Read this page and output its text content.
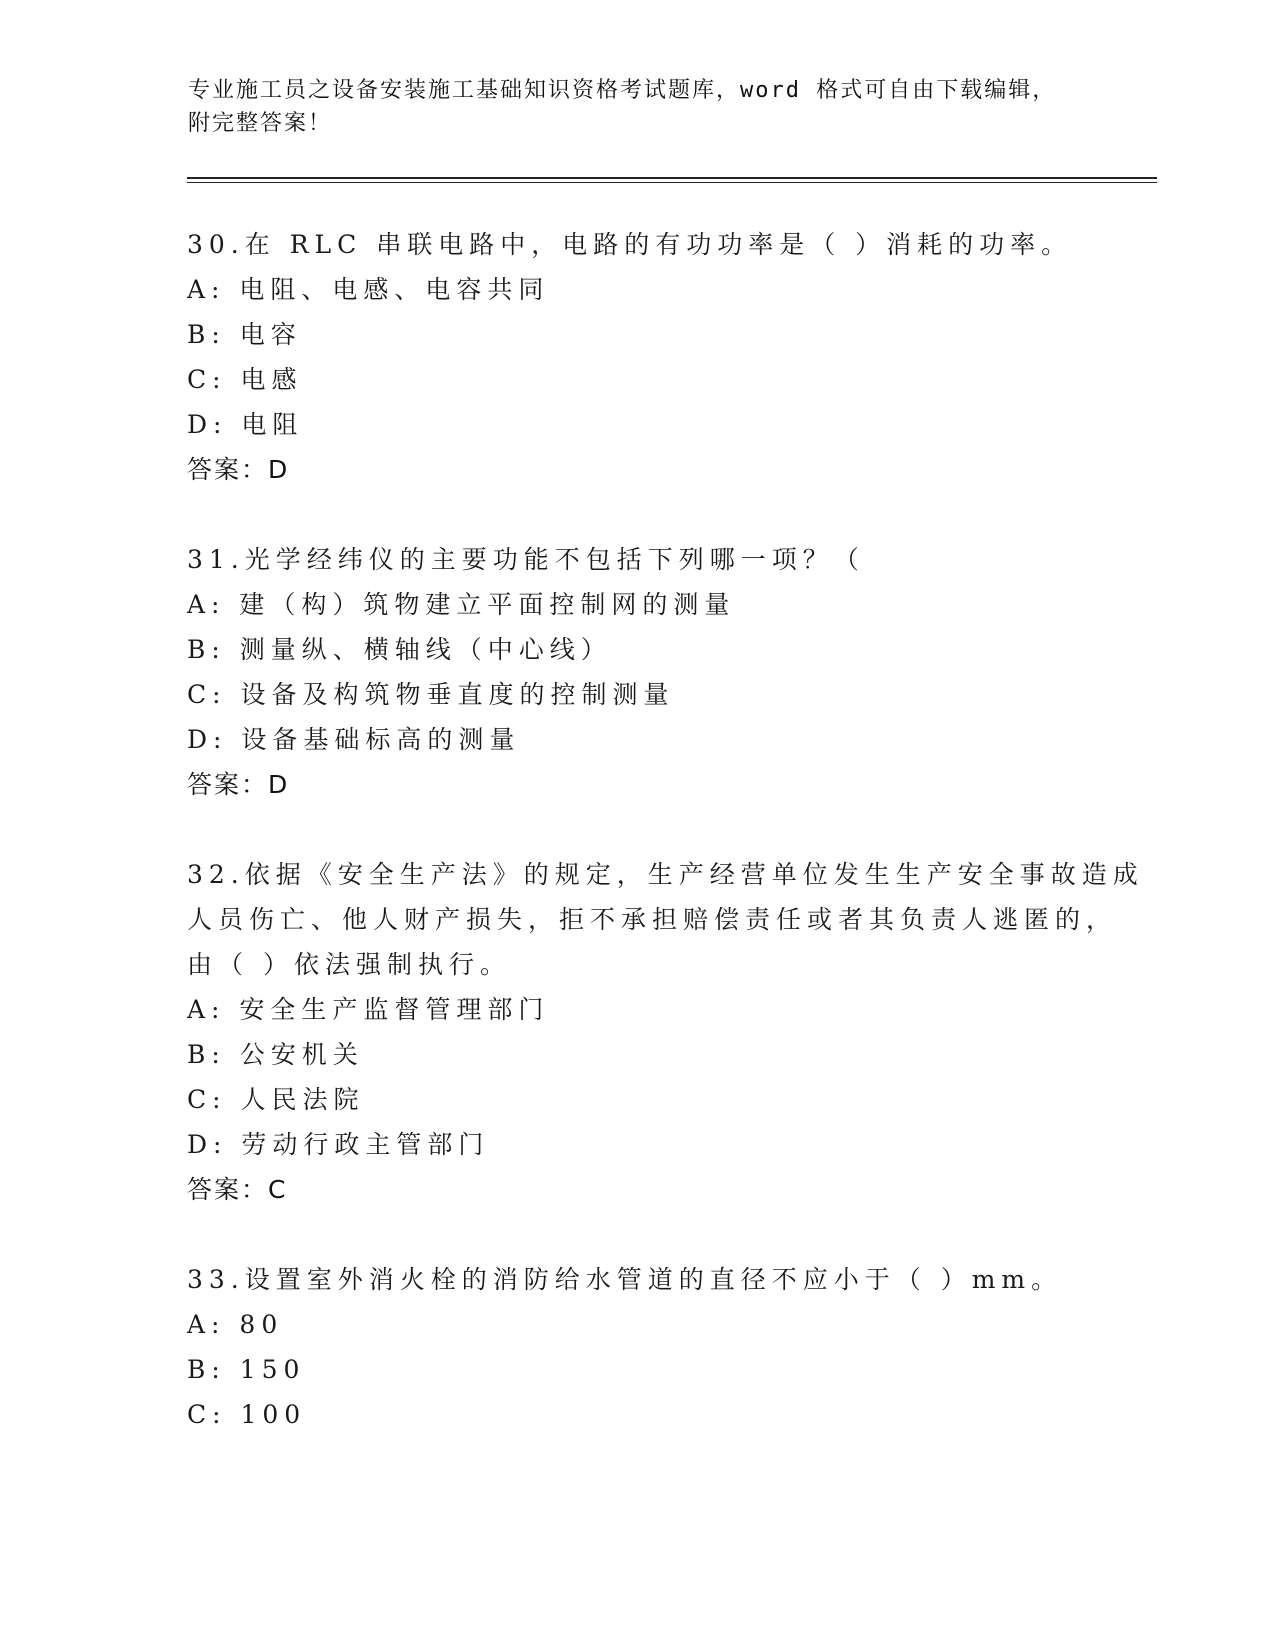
专业施工员之设备安装施工基础知识资格考试题库，word 格式可自由下载编辑，
附完整答案！
30.在 RLC 串联电路中，电路的有功功率是（ ）消耗的功率。
A: 电阻、电感、电容共同
B: 电容
C: 电感
D: 电阻
答案：D
31.光学经纬仪的主要功能不包括下列哪一项？（
A: 建（构）筑物建立平面控制网的测量
B: 测量纵、横轴线（中心线）
C: 设备及构筑物垂直度的控制测量
D: 设备基础标高的测量
答案：D
32.依据《安全生产法》的规定，生产经营单位发生生产安全事故造成
人员伤亡、他人财产损失，拒不承担赔偿责任或者其负责人逃匿的，
由（ ）依法强制执行。
A: 安全生产监督管理部门
B: 公安机关
C: 人民法院
D: 劳动行政主管部门
答案：C
33.设置室外消火栓的消防给水管道的直径不应小于（ ）mm。
A: 80
B: 150
C: 100
